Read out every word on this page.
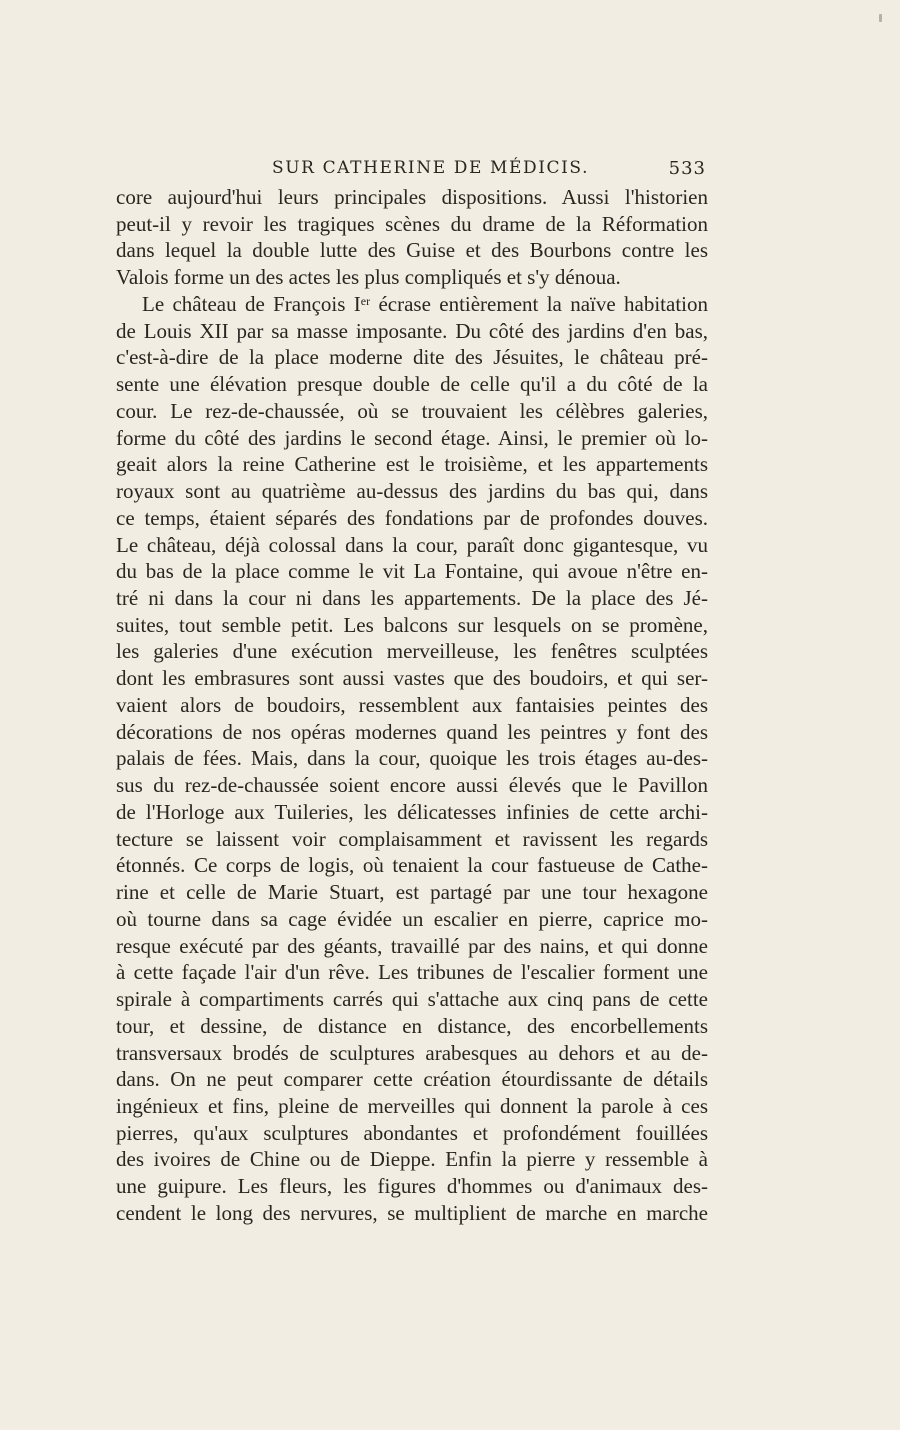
SUR CATHERINE DE MÉDICIS.	533
core aujourd'hui leurs principales dispositions. Aussi l'historien
peut-il y revoir les tragiques scènes du drame de la Réformation
dans lequel la double lutte des Guise et des Bourbons contre les
Valois forme un des actes les plus compliqués et s'y dénoua.
Le château de François Ier écrase entièrement la naïve habitation
de Louis XII par sa masse imposante. Du côté des jardins d'en bas,
c'est-à-dire de la place moderne dite des Jésuites, le château pré-
sente une élévation presque double de celle qu'il a du côté de la
cour. Le rez-de-chaussée, où se trouvaient les célèbres galeries,
forme du côté des jardins le second étage. Ainsi, le premier où lo-
geait alors la reine Catherine est le troisième, et les appartements
royaux sont au quatrième au-dessus des jardins du bas qui, dans
ce temps, étaient séparés des fondations par de profondes douves.
Le château, déjà colossal dans la cour, paraît donc gigantesque, vu
du bas de la place comme le vit La Fontaine, qui avoue n'être en-
tré ni dans la cour ni dans les appartements. De la place des Jé-
suites, tout semble petit. Les balcons sur lesquels on se promène,
les galeries d'une exécution merveilleuse, les fenêtres sculptées
dont les embrasures sont aussi vastes que des boudoirs, et qui ser-
vaient alors de boudoirs, ressemblent aux fantaisies peintes des
décorations de nos opéras modernes quand les peintres y font des
palais de fées. Mais, dans la cour, quoique les trois étages au-des-
sus du rez-de-chaussée soient encore aussi élevés que le Pavillon
de l'Horloge aux Tuileries, les délicatesses infinies de cette archi-
tecture se laissent voir complaisamment et ravissent les regards
étonnés. Ce corps de logis, où tenaient la cour fastueuse de Cathe-
rine et celle de Marie Stuart, est partagé par une tour hexagone
où tourne dans sa cage évidée un escalier en pierre, caprice mo-
resque exécuté par des géants, travaillé par des nains, et qui donne
à cette façade l'air d'un rêve. Les tribunes de l'escalier forment une
spirale à compartiments carrés qui s'attache aux cinq pans de cette
tour, et dessine, de distance en distance, des encorbellements
transversaux brodés de sculptures arabesques au dehors et au de-
dans. On ne peut comparer cette création étourdissante de détails
ingénieux et fins, pleine de merveilles qui donnent la parole à ces
pierres, qu'aux sculptures abondantes et profondément fouillées
des ivoires de Chine ou de Dieppe. Enfin la pierre y ressemble à
une guipure. Les fleurs, les figures d'hommes ou d'animaux des-
cendent le long des nervures, se multiplient de marche en marche
